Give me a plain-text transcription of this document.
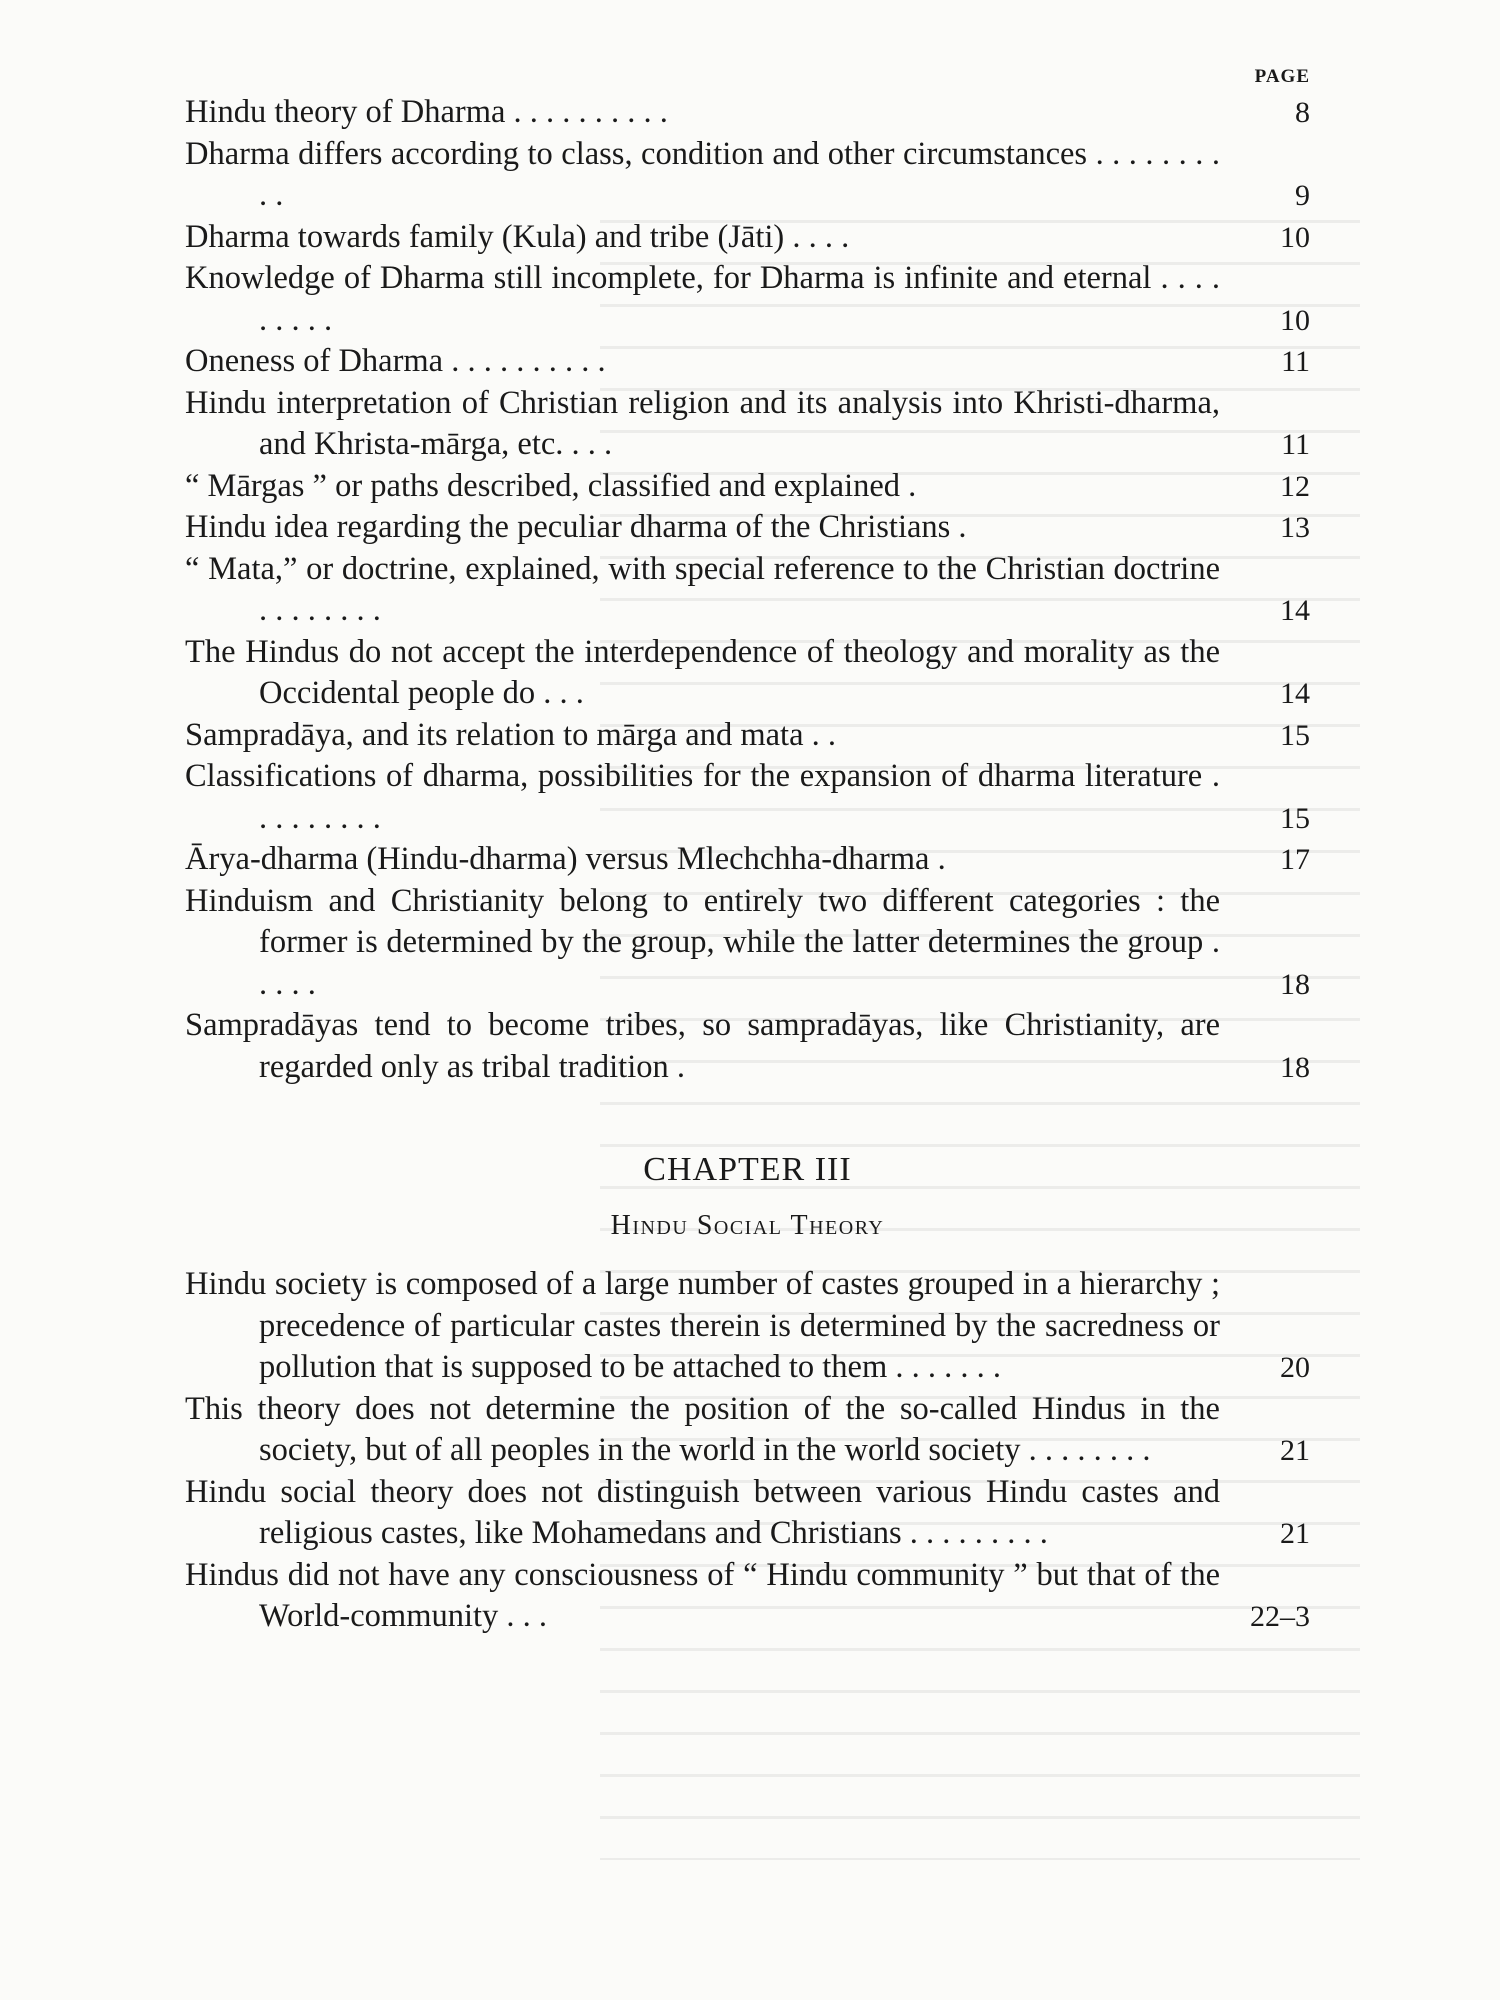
PAGE
Hindu theory of Dharma . . . . . . . . . .	8
Dharma differs according to class, condition and other circumstances . . . . . . . . . .	9
Dharma towards family (Kula) and tribe (Jāti) . . . .	10
Knowledge of Dharma still incomplete, for Dharma is infinite and eternal . . . . . . . . .	10
Oneness of Dharma . . . . . . . . . .	11
Hindu interpretation of Christian religion and its analysis into Khristi-dharma, and Khrista-mārga, etc. . . .	11
“ Mārgas ” or paths described, classified and explained .	12
Hindu idea regarding the peculiar dharma of the Christians .	13
“ Mata,” or doctrine, explained, with special reference to the Christian doctrine . . . . . . . .	14
The Hindus do not accept the interdependence of theology and morality as the Occidental people do . . .	14
Sampradāya, and its relation to mārga and mata . .	15
Classifications of dharma, possibilities for the expansion of dharma literature . . . . . . . . .	15
Ārya-dharma (Hindu-dharma) versus Mlechchha-dharma .	17
Hinduism and Christianity belong to entirely two different categories : the former is determined by the group, while the latter determines the group . . . . .	18
Sampradāyas tend to become tribes, so sampradāyas, like Christianity, are regarded only as tribal tradition .	18
CHAPTER III
Hindu Social Theory
Hindu society is composed of a large number of castes grouped in a hierarchy ; precedence of particular castes therein is determined by the sacredness or pollution that is supposed to be attached to them . . . . . . .	20
This theory does not determine the position of the so-called Hindus in the society, but of all peoples in the world in the world society . . . . . . . .	21
Hindu social theory does not distinguish between various Hindu castes and religious castes, like Mohamedans and Christians . . . . . . . . .	21
Hindus did not have any consciousness of “ Hindu community ” but that of the World-community . . .	22–3
